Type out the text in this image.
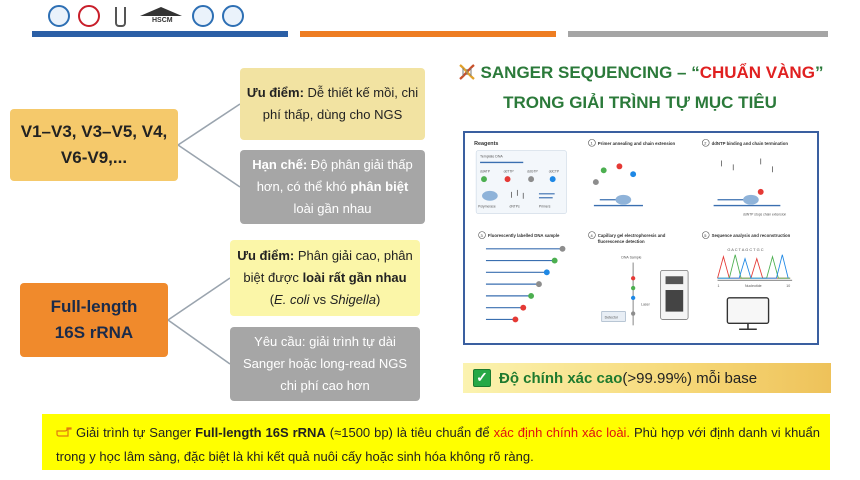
HSCM
V1–V3, V3–V5, V4,
V6-V9,...
Ưu điểm: Dễ thiết kế mồi, chi phí thấp, dùng cho NGS
Hạn chế: Độ phân giải thấp hơn, có thể khó phân biệt loài gần nhau
Full-length
16S rRNA
Ưu điểm: Phân giải cao, phân biệt được loài rất gần nhau (E. coli vs Shigella)
Yêu cầu: giải trình tự dài Sanger hoặc long-read NGS chi phí cao hơn
SANGER SEQUENCING – “CHUẨN VÀNG”
TRONG GIẢI TRÌNH TỰ MỤC TIÊU
Reagents
Template DNA
ddATP	ddTTP	ddGTP	ddCTP
Polymerase	dNTPs	Primers
1 Primer annealing and chain extension	2 ddNTP binding and chain termination
ddNTP stops chain extension
3 Fluorescently labelled DNA sample	4 Capillary gel electrophoresis and
fluorescence detection
DNA Sample
Laser
Detector
5 Sequence analysis and reconstruction
G A C T A G C T G C
1	Nucleotide	10
✓ Độ chính xác cao (>99.99%) mỗi base
Giải trình tự Sanger Full-length 16S rRNA (≈1500 bp) là tiêu chuẩn để xác định chính xác loài. Phù hợp với định danh vi khuẩn trong y học lâm sàng, đặc biệt là khi kết quả nuôi cấy hoặc sinh hóa không rõ ràng.
